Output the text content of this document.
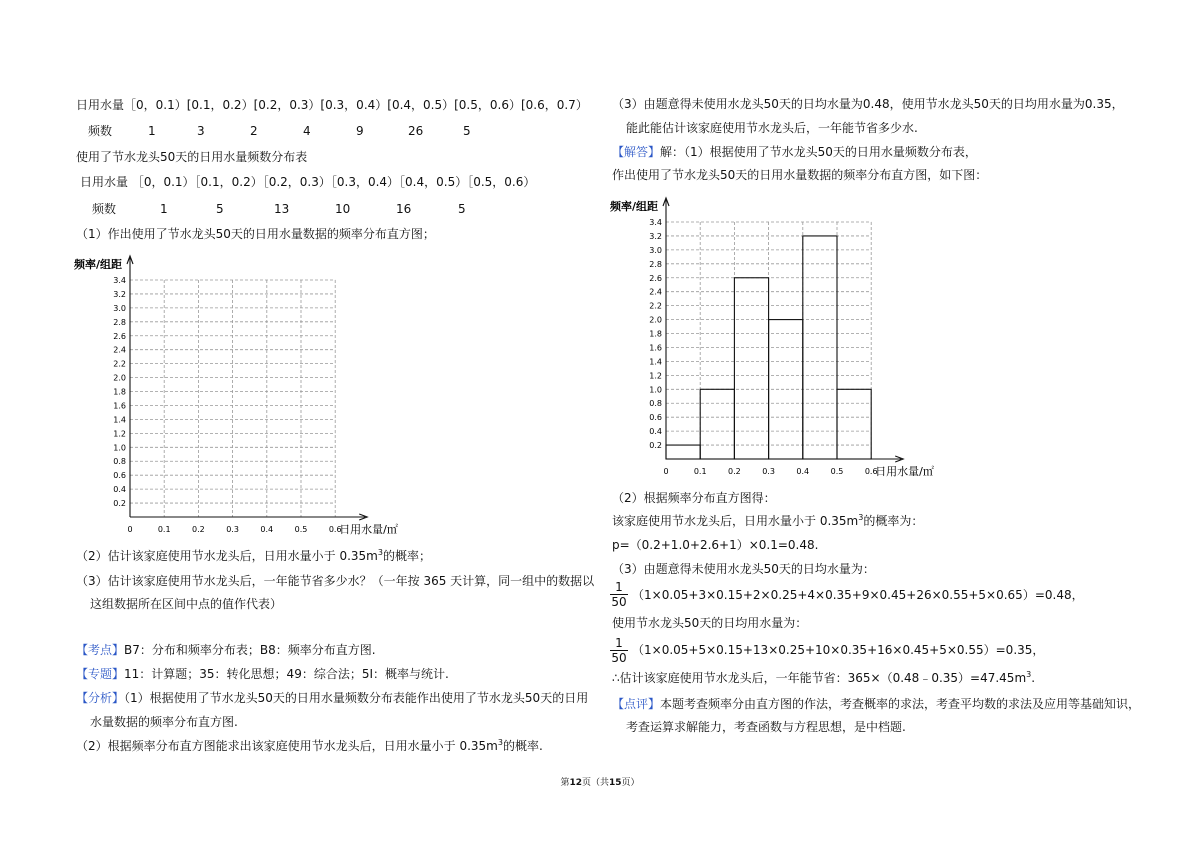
日用水量［0，0.1）[0.1，0.2）[0.2，0.3）[0.3，0.4）[0.4，0.5）[0.5，0.6）[0.6，0.7）
频数	1	3	2	4	9	26	5
使用了节水龙头50天的日用水量频数分布表
日用水量 ［0，0.1）［0.1，0.2）［0.2，0.3）［0.3，0.4）［0.4，0.5）［0.5，0.6）
频数	1	5	13	10	16	5
（1）作出使用了节水龙头50天的日用水量数据的频率分布直方图；
0.2
0.4
0.6
0.8
1.0
1.2
1.4
1.6
1.8
2.0
2.2
2.4
2.6
2.8
3.0
3.2
3.4
0	0.1	0.2	0.3	0.4	0.5	0.6
频率/组距
日用水量/㎡
（2）估计该家庭使用节水龙头后，日用水量小于 $0.35m^3$的概率；
（3）估计该家庭使用节水龙头后，一年能节省多少水？（一年按 365 天计算，同一组中的数据以
这组数据所在区间中点的值作代表）
【考点】B7：分布和频率分布表；B8：频率分布直方图.
【专题】11：计算题；35：转化思想；49：综合法；5I：概率与统计.
【分析】（1）根据使用了节水龙头50天的日用水量频数分布表能作出使用了节水龙头50天的日用
水量数据的频率分布直方图.
（2）根据频率分布直方图能求出该家庭使用节水龙头后，日用水量小于 $0.35m^3$的概率.
（3）由题意得未使用水龙头50天的日均水量为0.48，使用节水龙头50天的日均用水量为0.35，
能此能估计该家庭使用节水龙头后，一年能节省多少水.
【解答】解：（1）根据使用了节水龙头50天的日用水量频数分布表，
作出使用了节水龙头50天的日用水量数据的频率分布直方图，如下图：
0.2
0.4
0.6
0.8
1.0
1.2
1.4
1.6
1.8
2.0
2.2
2.4
2.6
2.8
3.0
3.2
3.4
0	0.1	0.2	0.3	0.4	0.5	0.6
频率/组距
日用水量/㎡
（2）根据频率分布直方图得：
该家庭使用节水龙头后，日用水量小于 $0.35m^3$的概率为：
p=（0.2+1.0+2.6+1）×0.1=0.48.
（3）由题意得未使用水龙头50天的日均水量为：
$\frac{1}{50} (1\times 0.05+3\times 0.15+2\times 0.25+4\times 0.35+9\times 0.45+26\times 0.55+5\times 0.65)=0.48$，
使用节水龙头50天的日均用水量为：
$\frac{1}{50} (1\times 0.05+5\times 0.15+13\times 0.25+10\times 0.35+16\times 0.45+5\times 0.55)=0.35$，
∴估计该家庭使用节水龙头后，一年能节省：$365\times(0.48﹣0.35)=47.45m^3$.
【点评】本题考查频率分由直方图的作法，考查概率的求法，考查平均数的求法及应用等基础知识，
考查运算求解能力，考查函数与方程思想，是中档题.
第12页（共15页）
